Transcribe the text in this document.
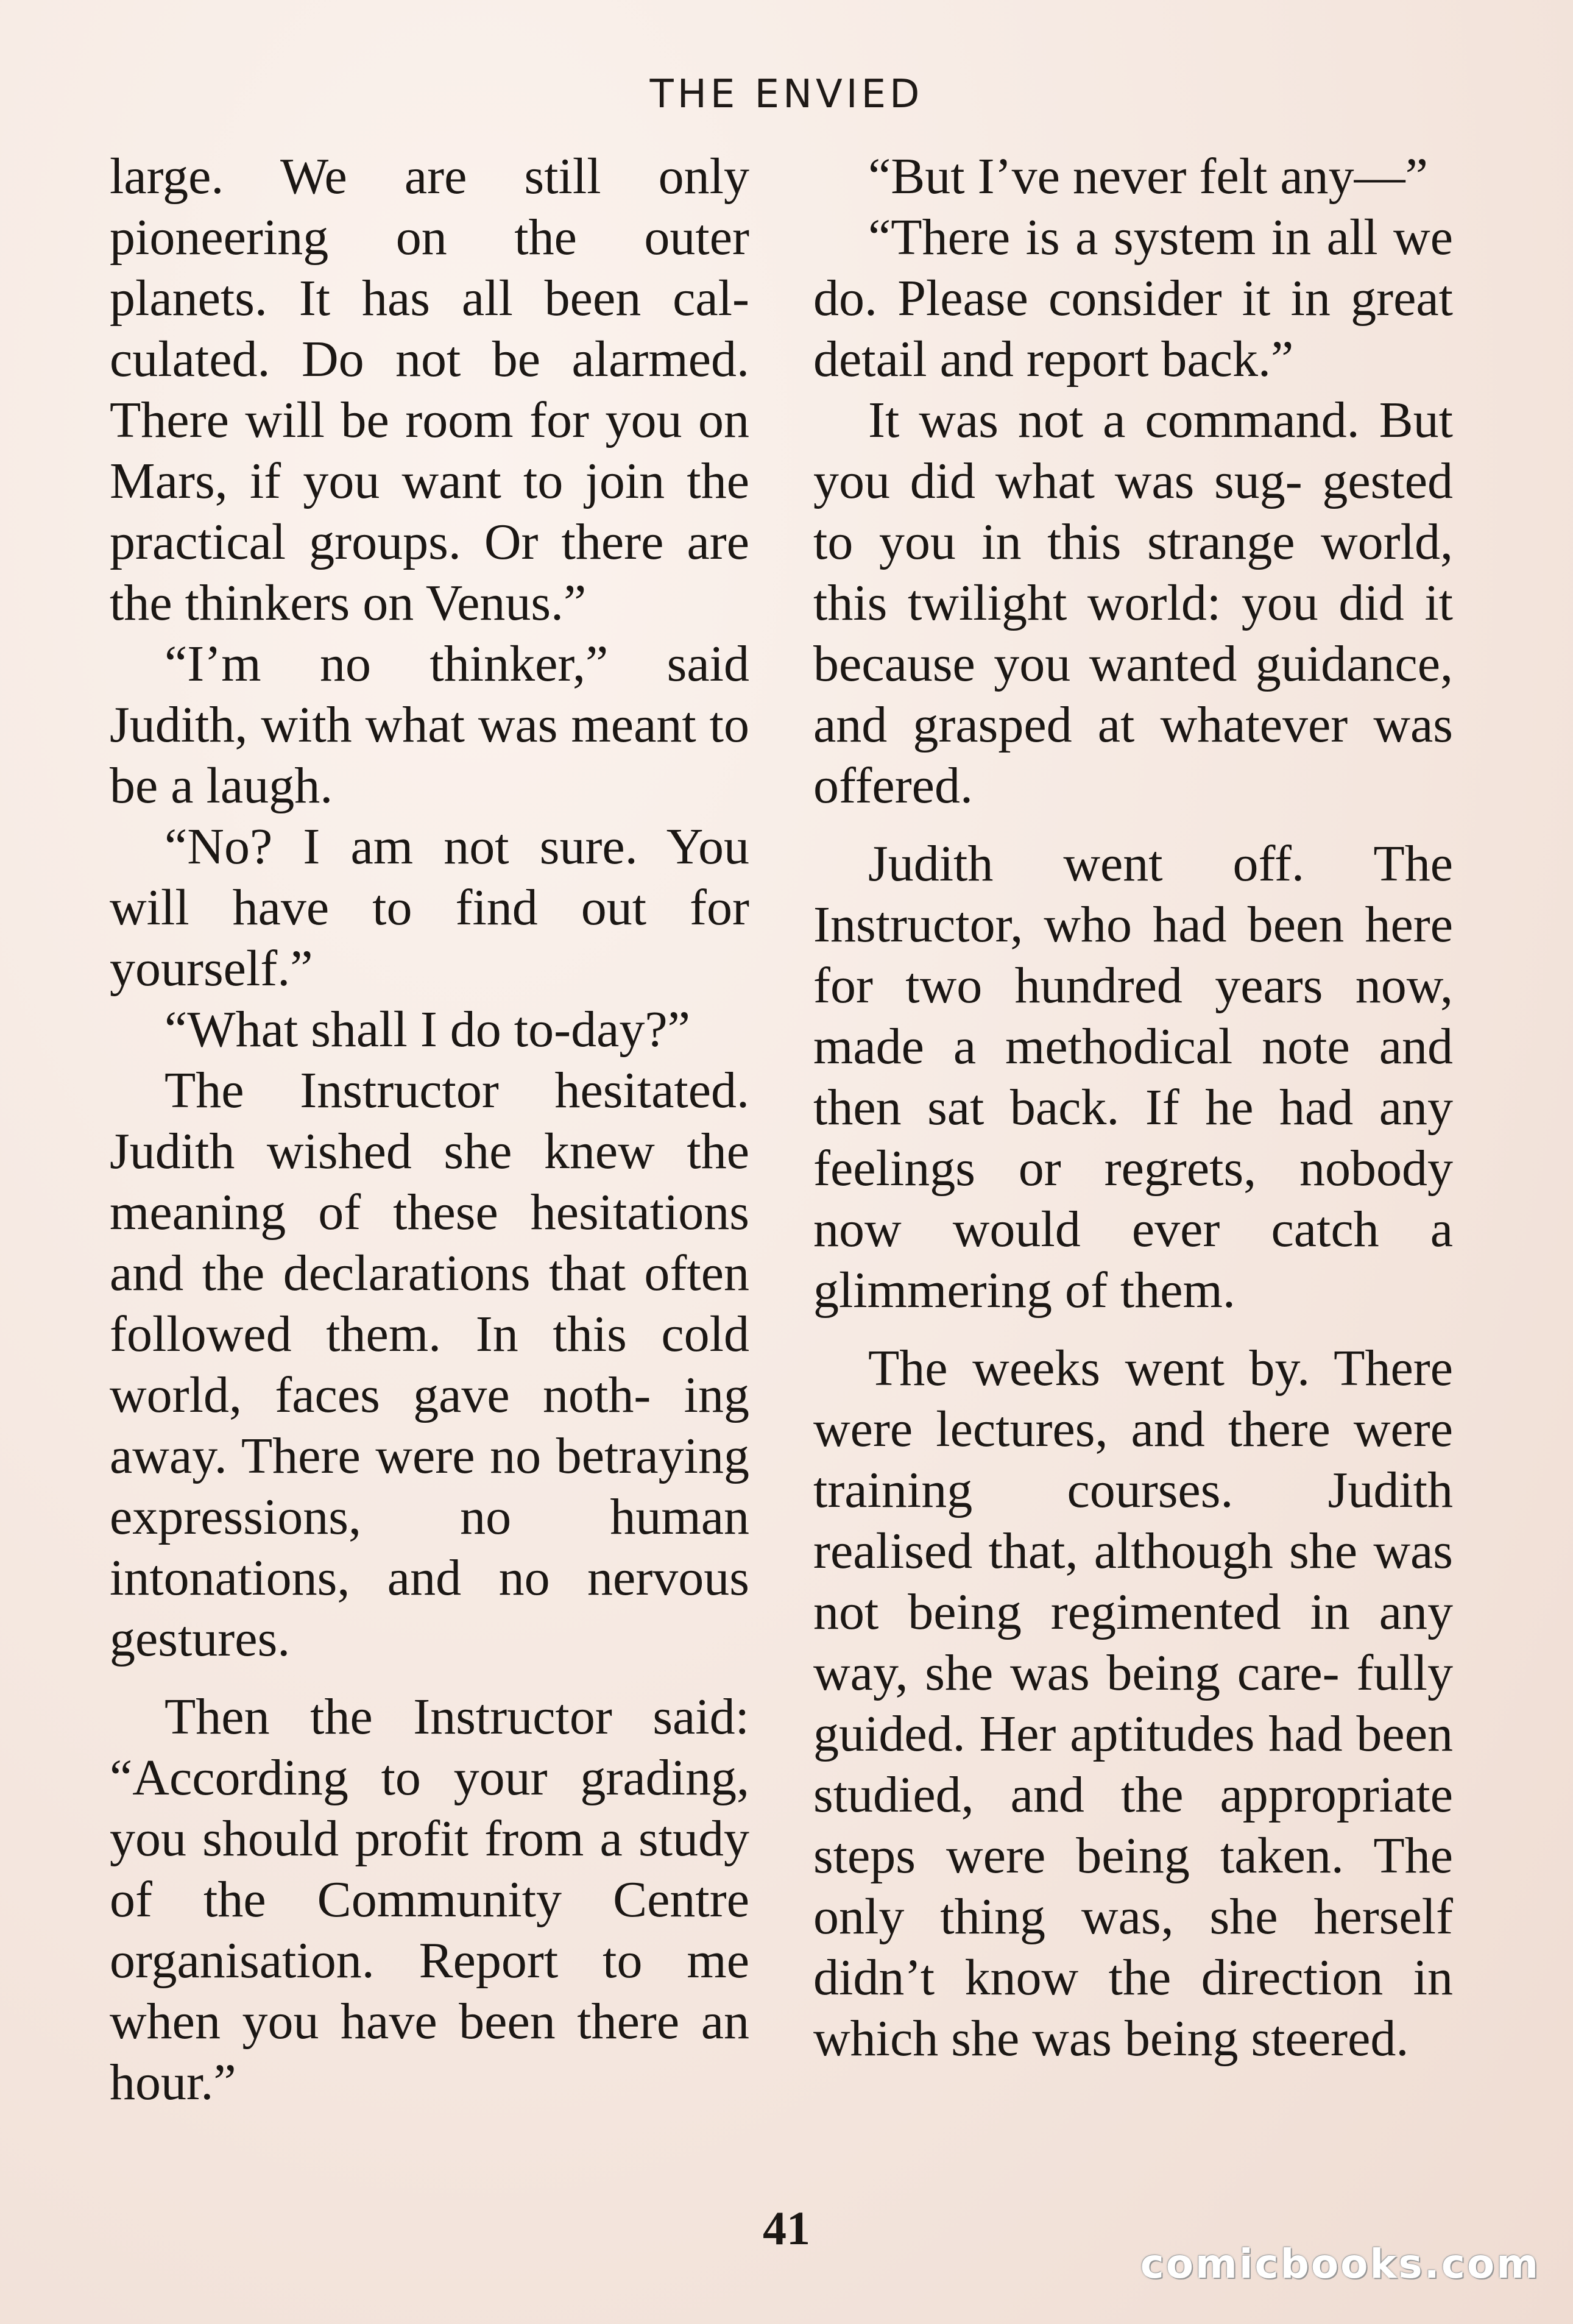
THE ENVIED

large. We are still only pioneering on the outer planets. It has all been cal- culated. Do not be alarmed. There will be room for you on Mars, if you want to join the practical groups. Or there are the thinkers on Venus.”

“I’m no thinker,” said Judith, with what was meant to be a laugh.

“No? I am not sure. You will have to find out for yourself.”

“What shall I do to-day?”

The Instructor hesitated. Judith wished she knew the meaning of these hesitations and the declarations that often followed them. In this cold world, faces gave noth- ing away. There were no betraying expressions, no human intonations, and no nervous gestures.

Then the Instructor said: “According to your grading, you should profit from a study of the Community Centre organisation. Report to me when you have been there an hour.”

“But I’ve never felt any—”

“There is a system in all we do. Please consider it in great detail and report back.”

It was not a command. But you did what was sug- gested to you in this strange world, this twilight world: you did it because you wanted guidance, and grasped at whatever was offered.

Judith went off. The Instructor, who had been here for two hundred years now, made a methodical note and then sat back. If he had any feelings or regrets, nobody now would ever catch a glimmering of them.

The weeks went by. There were lectures, and there were training courses. Judith realised that, although she was not being regimented in any way, she was being care- fully guided. Her aptitudes had been studied, and the appropriate steps were being taken. The only thing was, she herself didn’t know the direction in which she was being steered.

41
comicbooks.com
